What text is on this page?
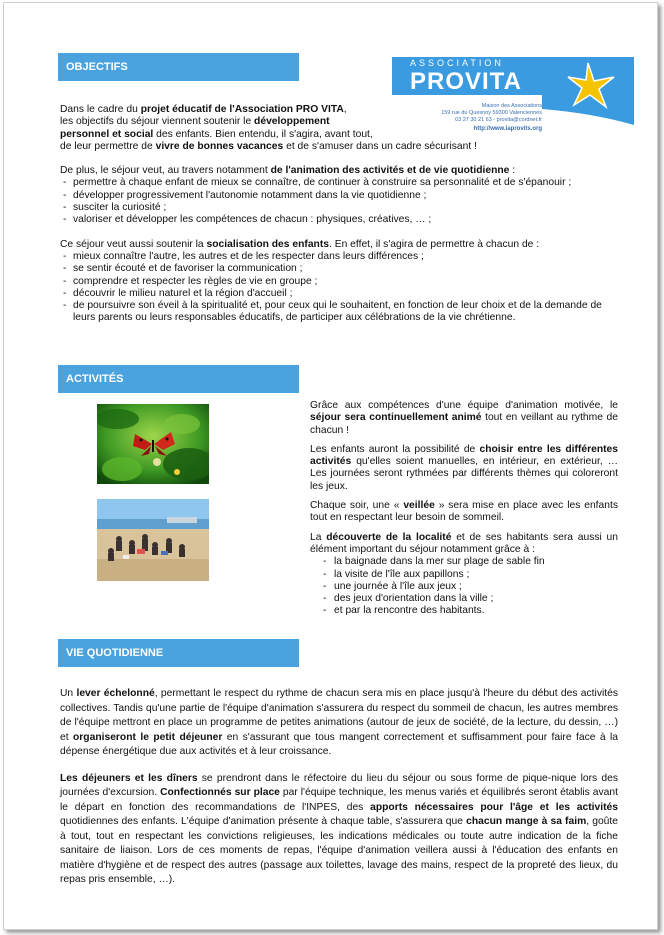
OBJECTIFS	ASSOCIATION
PROVITA
Maison des Associations
159 rue du Quesnoy 59300 Valenciennes
03 27 30 21 63 - provita@cordnet.fr
http://www.laprovits.org

Dans le cadre du projet éducatif de l'Association PRO VITA,
les objectifs du séjour viennent soutenir le développement
personnel et social des enfants. Bien entendu, il s'agira, avant tout,
de leur permettre de vivre de bonnes vacances et de s'amuser dans un cadre sécurisant !

De plus, le séjour veut, au travers notamment de l'animation des activités et de vie quotidienne :

- permettre à chaque enfant de mieux se connaître, de continuer à construire sa personnalité et de s'épanouir ;
- développer progressivement l'autonomie notamment dans la vie quotidienne ;
- susciter la curiosité ;
- valoriser et développer les compétences de chacun : physiques, créatives, … ;

Ce séjour veut aussi soutenir la socialisation des enfants. En effet, il s'agira de permettre à chacun de :

- mieux connaître l'autre, les autres et de les respecter dans leurs différences ;
- se sentir écouté et de favoriser la communication ;
- comprendre et respecter les règles de vie en groupe ;
- découvrir le milieu naturel et la région d'accueil ;
- de poursuivre son éveil à la spiritualité et, pour ceux qui le souhaitent, en fonction de leur choix et de la demande de leurs parents ou leurs responsables éducatifs, de participer aux célébrations de la vie chrétienne.
ACTIVITÉS

Grâce aux compétences d'une équipe d'animation motivée, le séjour sera continuellement animé tout en veillant au rythme de chacun !

Les enfants auront la possibilité de choisir entre les différentes activités qu'elles soient manuelles, en intérieur, en extérieur, … Les journées seront rythmées par différents thèmes qui coloreront les jeux.

Chaque soir, une « veillée » sera mise en place avec les enfants tout en respectant leur besoin de sommeil.

La découverte de la localité et de ses habitants sera aussi un élément important du séjour notamment grâce à :

- la baignade dans la mer sur plage de sable fin
- la visite de l'île aux papillons ;
- une journée à l'île aux jeux ;
- des jeux d'orientation dans la ville ;
- et par la rencontre des habitants.
VIE QUOTIDIENNE

Un lever échelonné, permettant le respect du rythme de chacun sera mis en place jusqu'à l'heure du début des activités collectives. Tandis qu'une partie de l'équipe d'animation s'assurera du respect du sommeil de chacun, les autres membres de l'équipe mettront en place un programme de petites animations (autour de jeux de société, de la lecture, du dessin, …) et organiseront le petit déjeuner en s'assurant que tous mangent correctement et suffisamment pour faire face à la dépense énergétique due aux activités et à leur croissance.

Les déjeuners et les dîners se prendront dans le réfectoire du lieu du séjour ou sous forme de pique-nique lors des journées d'excursion. Confectionnés sur place par l'équipe technique, les menus variés et équilibrés seront établis avant le départ en fonction des recommandations de l'INPES, des apports nécessaires pour l'âge et les activités quotidiennes des enfants. L'équipe d'animation présente à chaque table, s'assurera que chacun mange à sa faim, goûte à tout, tout en respectant les convictions religieuses, les indications médicales ou toute autre indication de la fiche sanitaire de liaison. Lors de ces moments de repas, l'équipe d'animation veillera aussi à l'éducation des enfants en matière d'hygiène et de respect des autres (passage aux toilettes, lavage des mains, respect de la propreté des lieux, du repas pris ensemble, …).
